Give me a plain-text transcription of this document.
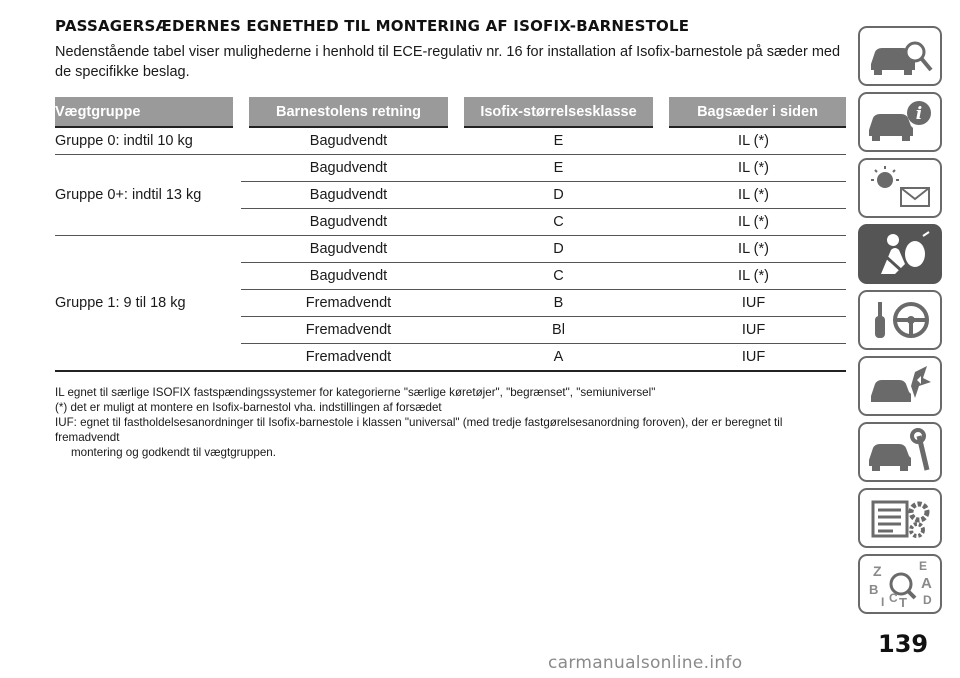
PASSAGERSÆDERNES EGNETHED TIL MONTERING AF ISOFIX-BARNESTOLE
Nedenstående tabel viser mulighederne i henhold til ECE-regulativ nr. 16 for installation af Isofix-barnestole på sæder med de specifikke beslag.
Vægtgruppe	Barnestolens retning	Isofix-størrelsesklasse	Bagsæder i siden
Gruppe 0: indtil 10 kg	Bagudvendt	E	IL (*)
Gruppe 0+: indtil 13 kg	Bagudvendt	E	IL (*)
	Bagudvendt	D	IL (*)
	Bagudvendt	C	IL (*)
Gruppe 1: 9 til 18 kg	Bagudvendt	D	IL (*)
	Bagudvendt	C	IL (*)
	Fremadvendt	B	IUF
	Fremadvendt	Bl	IUF
	Fremadvendt	A	IUF
IL egnet til særlige ISOFIX fastspændingssystemer for kategorierne "særlige køretøjer", "begrænset", "semiuniversel"
(*) det er muligt at montere en Isofix-barnestol vha. indstillingen af forsædet
IUF: egnet til fastholdelsesanordninger til Isofix-barnestole i klassen "universal" (med tredje fastgørelsesanordning foroven), der er beregnet til fremadvendt
montering og godkendt til vægtgruppen.
i
Z	E
A
B
C D
I T
139
carmanualsonline.info
